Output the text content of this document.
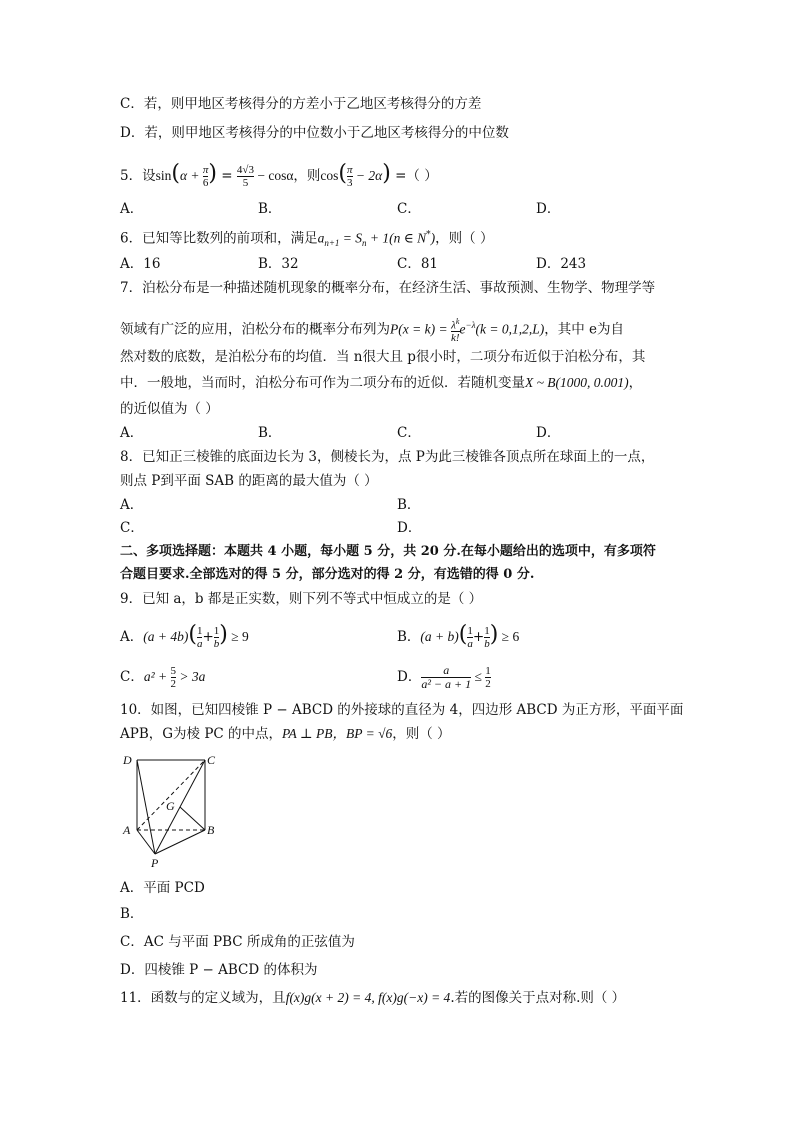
C．若，则甲地区考核得分的方差小于乙地区考核得分的方差
D．若，则甲地区考核得分的中位数小于乙地区考核得分的中位数
5．设$\sin(\alpha + \frac{\pi}{6}$ ) = $\frac{4√3}{5} - \cos\alpha$，则$\cos( \frac{\pi}{3} - 2\alpha)$ =（ ）
A．	B．	C．	D．
6．已知等比数列的前项和，满足$a_{n+1} = S_n + 1(n$ ∈ N*)，则（ ）
A．16	B．32	C．81	D．243
7．泊松分布是一种描述随机现象的概率分布，在经济生活、事故预测、生物学、物理学等
领域有广泛的应用，泊松分布的概率分布列为$P(x = k) = \frac{\lambda^k}{k!} e^{-\lambda}(k = 0,1,2,L)$，其中 e为自
然对数的底数，是泊松分布的均值．当 n很大且 p很小时，二项分布近似于泊松分布，其
中．一般地，当而时，泊松分布可作为二项分布的近似．若随机变量X ~ B(1000, 0.001)，
的近似值为（ ）
A．	B．	C．	D．
8．已知正三棱锥的底面边长为 3，侧棱长为，点 P为此三棱锥各顶点所在球面上的一点，
则点 P到平面 SAB 的距离的最大值为（ ）
A．	B．
C．	D．
二、多项选择题：本题共 4 小题，每小题 5 分，共 20 分.在每小题给出的选项中，有多项符
合题目要求.全部选对的得 5 分，部分选对的得 2 分，有选错的得 0 分.
9．已知 a，b 都是正实数，则下列不等式中恒成立的是（ ）
A．$(a + 4b)( \frac{1}{a} + \frac{1}{b}$ ) ≥ 9	B．$(a + b)( \frac{1}{a} + \frac{1}{b}$ ) ≥ 6
C．$a^2 + \frac{5}{2} > 3a$	D． $\frac{a}{\text{a² − a + 1}} \le \frac{1}{2}$
10．如图，已知四棱锥 P − ABCD 的外接球的直径为 4，四边形 ABCD 为正方形，平面平面
APB，G为棱 PC 的中点，PA ⊥ PB，BP = √6，则（ ）
D	C
G
A	B
P
A．平面 PCD
B．
C．AC 与平面 PBC 所成角的正弦值为
D．四棱锥 P − ABCD 的体积为
11．函数与的定义域为，且f(x)g(x + 2) = 4, f(x)g(−x) = 4.若的图像关于点对称.则（ ）
